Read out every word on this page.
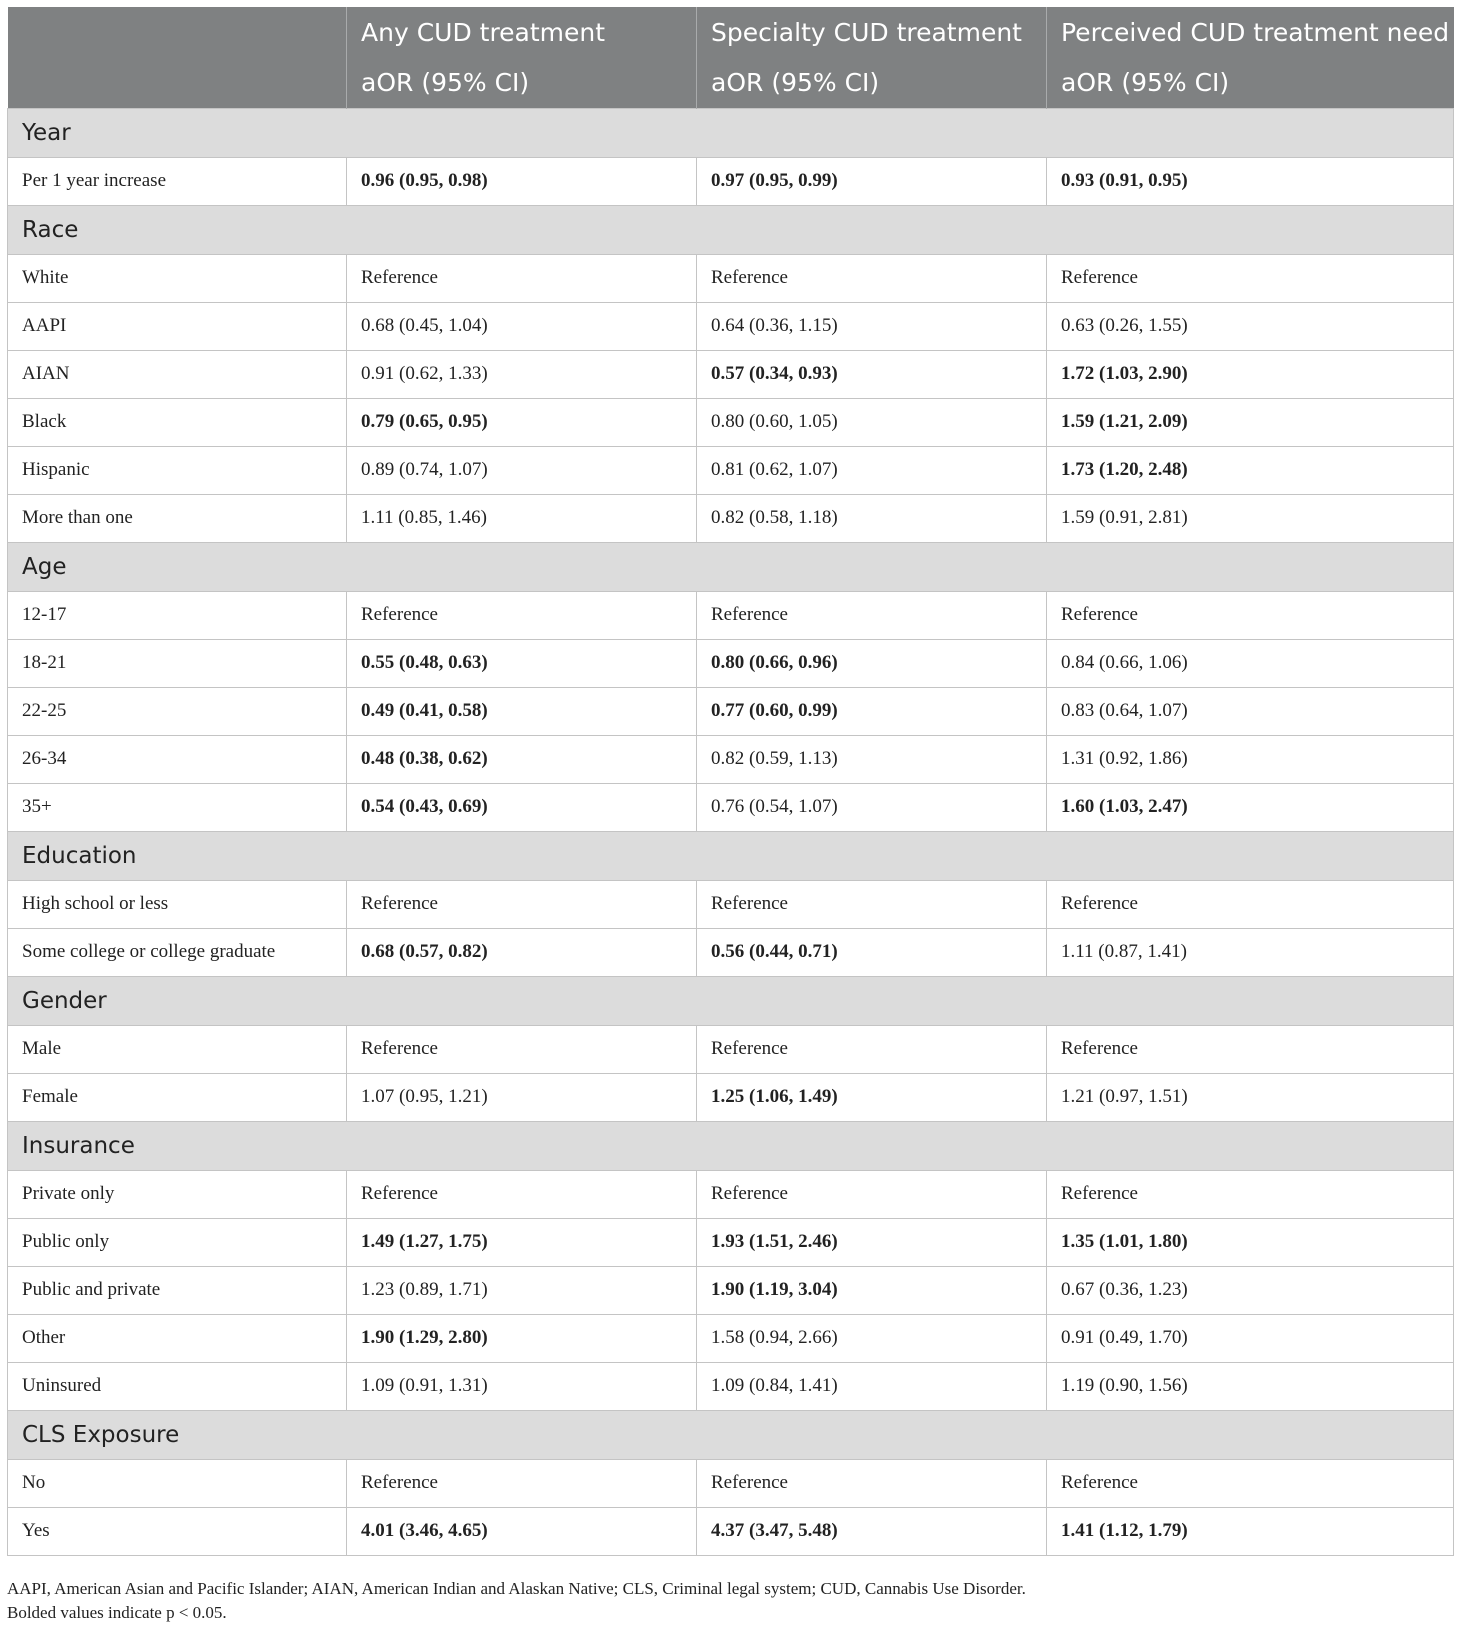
	Any CUD treatment	Specialty CUD treatment	Perceived CUD treatment need
	aOR (95% CI)	aOR (95% CI)	aOR (95% CI)
Year			
Per 1 year increase	0.96 (0.95, 0.98)	0.97 (0.95, 0.99)	0.93 (0.91, 0.95)
Race			
White	Reference	Reference	Reference
AAPI	0.68 (0.45, 1.04)	0.64 (0.36, 1.15)	0.63 (0.26, 1.55)
AIAN	0.91 (0.62, 1.33)	0.57 (0.34, 0.93)	1.72 (1.03, 2.90)
Black	0.79 (0.65, 0.95)	0.80 (0.60, 1.05)	1.59 (1.21, 2.09)
Hispanic	0.89 (0.74, 1.07)	0.81 (0.62, 1.07)	1.73 (1.20, 2.48)
More than one	1.11 (0.85, 1.46)	0.82 (0.58, 1.18)	1.59 (0.91, 2.81)
Age			
12-17	Reference	Reference	Reference
18-21	0.55 (0.48, 0.63)	0.80 (0.66, 0.96)	0.84 (0.66, 1.06)
22-25	0.49 (0.41, 0.58)	0.77 (0.60, 0.99)	0.83 (0.64, 1.07)
26-34	0.48 (0.38, 0.62)	0.82 (0.59, 1.13)	1.31 (0.92, 1.86)
35+	0.54 (0.43, 0.69)	0.76 (0.54, 1.07)	1.60 (1.03, 2.47)
Education			
High school or less	Reference	Reference	Reference
Some college or college graduate	0.68 (0.57, 0.82)	0.56 (0.44, 0.71)	1.11 (0.87, 1.41)
Gender			
Male	Reference	Reference	Reference
Female	1.07 (0.95, 1.21)	1.25 (1.06, 1.49)	1.21 (0.97, 1.51)
Insurance			
Private only	Reference	Reference	Reference
Public only	1.49 (1.27, 1.75)	1.93 (1.51, 2.46)	1.35 (1.01, 1.80)
Public and private	1.23 (0.89, 1.71)	1.90 (1.19, 3.04)	0.67 (0.36, 1.23)
Other	1.90 (1.29, 2.80)	1.58 (0.94, 2.66)	0.91 (0.49, 1.70)
Uninsured	1.09 (0.91, 1.31)	1.09 (0.84, 1.41)	1.19 (0.90, 1.56)
CLS Exposure			
No	Reference	Reference	Reference
Yes	4.01 (3.46, 4.65)	4.37 (3.47, 5.48)	1.41 (1.12, 1.79)
AAPI, American Asian and Pacific Islander; AIAN, American Indian and Alaskan Native; CLS, Criminal legal system; CUD, Cannabis Use Disorder.
Bolded values indicate p < 0.05.
